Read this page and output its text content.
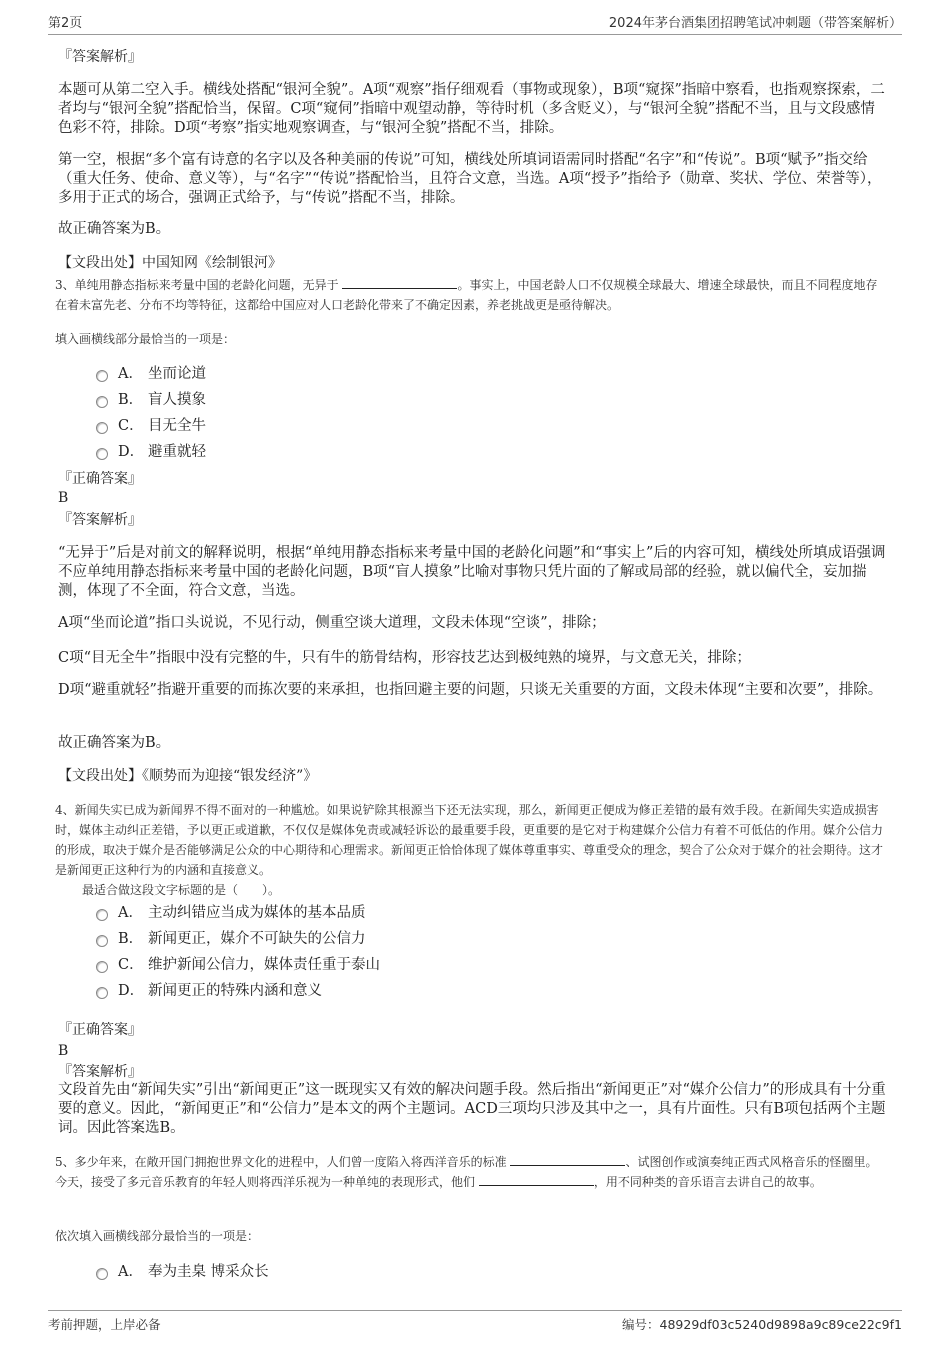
第2页	2024年茅台酒集团招聘笔试冲刺题（带答案解析）
『答案解析』
本题可从第二空入手。横线处搭配“银河全貌”。A项“观察”指仔细观看（事物或现象），B项“窥探”指暗中察看，也指观察探索，二者均与“银河全貌”搭配恰当，保留。C项“窥伺”指暗中观望动静，等待时机（多含贬义），与“银河全貌”搭配不当，且与文段感情色彩不符，排除。D项“考察”指实地观察调查，与“银河全貌”搭配不当，排除。
第一空，根据“多个富有诗意的名字以及各种美丽的传说”可知，横线处所填词语需同时搭配“名字”和“传说”。B项“赋予”指交给（重大任务、使命、意义等），与“名字”“传说”搭配恰当，且符合文意，当选。A项“授予”指给予（勋章、奖状、学位、荣誉等），多用于正式的场合，强调正式给予，与“传说”搭配不当，排除。
故正确答案为B。
【文段出处】中国知网《绘制银河》
3、单纯用静态指标来考量中国的老龄化问题，无异于	。事实上，中国老龄人口不仅规模全球最大、增速全球最快，而且不同程度地存在着未富先老、分布不均等特征，这都给中国应对人口老龄化带来了不确定因素，养老挑战更是亟待解决。
填入画横线部分最恰当的一项是：
A． 坐而论道
B． 盲人摸象
C． 目无全牛
D． 避重就轻
『正确答案』
B
『答案解析』
“无异于”后是对前文的解释说明，根据“单纯用静态指标来考量中国的老龄化问题”和“事实上”后的内容可知，横线处所填成语强调不应单纯用静态指标来考量中国的老龄化问题，B项“盲人摸象”比喻对事物只凭片面的了解或局部的经验，就以偏代全，妄加揣测，体现了不全面，符合文意，当选。
A项“坐而论道”指口头说说，不见行动，侧重空谈大道理，文段未体现“空谈”，排除；
C项“目无全牛”指眼中没有完整的牛，只有牛的筋骨结构，形容技艺达到极纯熟的境界，与文意无关，排除；
D项“避重就轻”指避开重要的而拣次要的来承担，也指回避主要的问题，只谈无关重要的方面，文段未体现“主要和次要”，排除。
故正确答案为B。
【文段出处】《顺势而为迎接“银发经济”》
4、新闻失实已成为新闻界不得不面对的一种尴尬。如果说铲除其根源当下还无法实现，那么，新闻更正便成为修正差错的最有效手段。在新闻失实造成损害时，媒体主动纠正差错，予以更正或道歉，不仅仅是媒体免责或减轻诉讼的最重要手段，更重要的是它对于构建媒介公信力有着不可低估的作用。媒介公信力的形成，取决于媒介是否能够满足公众的中心期待和心理需求。新闻更正恰恰体现了媒体尊重事实、尊重受众的理念，契合了公众对于媒介的社会期待。这才是新闻更正这种行为的内涵和直接意义。
最适合做这段文字标题的是（　　）。
A． 主动纠错应当成为媒体的基本品质
B． 新闻更正，媒介不可缺失的公信力
C． 维护新闻公信力，媒体责任重于泰山
D． 新闻更正的特殊内涵和意义
『正确答案』
B
『答案解析』
文段首先由“新闻失实”引出“新闻更正”这一既现实又有效的解决问题手段。然后指出“新闻更正”对“媒介公信力”的形成具有十分重要的意义。因此，“新闻更正”和“公信力”是本文的两个主题词。ACD三项均只涉及其中之一，具有片面性。只有B项包括两个主题词。因此答案选B。
5、多少年来，在敞开国门拥抱世界文化的进程中，人们曾一度陷入将西洋音乐的标准	、试图创作或演奏纯正西式风格音乐的怪圈里。今天，接受了多元音乐教育的年轻人则将西洋乐视为一种单纯的表现形式，他们	，用不同种类的音乐语言去讲自己的故事。
依次填入画横线部分最恰当的一项是：
A． 奉为圭臬 博采众长
考前押题，上岸必备	编号：48929df03c5240d9898a9c89ce22c9f1
